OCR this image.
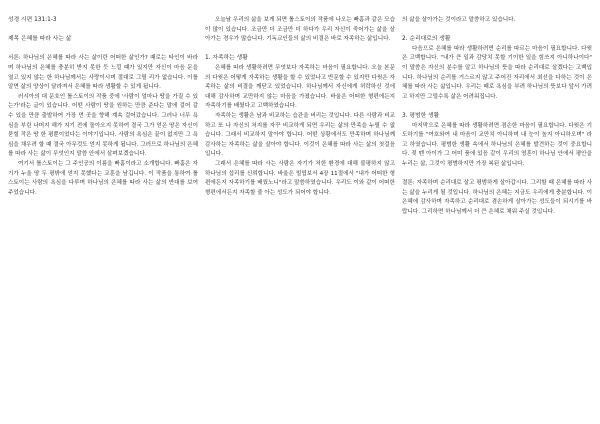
성경 시편 131:1-3

제목 은혜를 따라 사는 삶

서론: 하나님의 은혜를 따라 사는 삶이란 어떠한 삶인가? 때로는 타인이 바라며 하나님의 은혜를 충분히 받지 못한 듯 느낄 때가 있지만 자신이 마음 문을 열고 있지 않는 한 하나님께서는 사랑이시며 절대로 그릴 리가 없습니다. 이를 알면 삶의 양상이 달라져서 은혜를 따라 생활할 수 있게 됩니다.

러시아의 대 문호인 톨스토이의 작품 중에 '사람이 얼마나 땅을 가질 수 있는가'라는 글이 있습니다. 어떤 사람이 땅을 원하는 만큼 준다는 말에 걸어 갈 수 있을 만큼 출발하여 가장 먼 곳을 향해 계속 걸어갔습니다. 그러나 너무 욕심을 부린 나머지 해가 지기 전에 돌아오지 못하여 결국 그가 얻은 땅은 자신이 묻힐 작은 땅 한 평뿐이었다는 이야기입니다. 사람의 욕심은 끝이 없지만 그 욕심을 채우려 할 때 결국 아무것도 얻지 못하게 됩니다. 그러므로 하나님의 은혜를 따라 사는 삶이 무엇인지 말씀 안에서 살펴보겠습니다.

여기서 톨스토이는 그 주인공의 이름을 빠홈이라고 소개합니다. 빠홈은 자기가 누울 땅 두 평밖에 얻지 못했다는 교훈을 남깁니다. 이 작품을 통하여 톨스토이는 사람의 욕심을 다루며 하나님의 은혜를 따라 사는 삶의 반대를 보여주었습니다.

오늘날 우리의 삶을 보게 되면 톨스토이의 작품에 나오는 빠홈과 같은 모습이 많이 있습니다. 조금만 더 조금만 더 하다가 우리 자신이 죽어가는 삶을 살아가는 경우가 많습니다. 기독교인들의 삶의 비결은 바로 자족하는 삶입니다.

1. 자족하는 생활

은혜를 따라 생활하려면 무엇보다 자족하는 마음이 필요합니다. 오늘 본문의 다윗은 어떻게 자족하는 생활을 할 수 있었나고 반문할 수 있지만 다윗은 자족하는 삶의 비결을 깨닫고 있었습니다. 하나님께서 자신에게 허락하신 것에 대해 감사하며 교만하지 않는 마음을 가졌습니다. 바울은 어떠한 형편에든지 자족하기를 배웠다고 고백하였습니다.

자족하는 생활은 남과 비교하는 습관을 버리는 것입니다. 다른 사람과 비교하고 또 나 자신의 처지를 자꾸 비교하게 되면 우리는 삶의 만족을 누릴 수 없습니다. 그래서 비교하지 말아야 합니다. 어떤 상황에서도 만족하며 하나님께 감사하는 자족하는 삶을 살아야 합니다. 이것이 은혜를 따라 사는 삶의 첫걸음입니다.

그래서 은혜를 따라 사는 사람은 자기가 처한 환경에 대해 불평하지 않고 하나님의 섭리를 신뢰합니다. 바울은 빌립보서 4장 11절에서 "내가 어떠한 형편에든지 자족하기를 배웠노니"라고 말씀하였습니다. 우리도 이와 같이 어떠한 형편에서든지 자족할 줄 아는 성도가 되어야 합니다.

의 삶을 살아가는 것이라고 말씀하고 있습니다.

2. 순리대로의 생활

다음으로 은혜를 따라 생활하려면 순리를 따르는 마음이 필요합니다. 다윗은 고백합니다. "내가 큰 일과 감당치 못할 기이한 일을 힘쓰지 아니하나이다" 이 말씀은 자신의 분수를 알고 하나님의 뜻을 따라 순리대로 살겠다는 고백입니다. 하나님의 순리를 거스르지 않고 주어진 자리에서 최선을 다하는 것이 은혜를 따라 사는 삶입니다. 우리는 때로 욕심을 부려 하나님의 뜻보다 앞서 가려고 하지만 그럴수록 삶은 어려워집니다.

3. 평범한 생활

마지막으로 은혜를 따라 생활하려면 겸손한 마음이 필요합니다. 다윗은 기도하기를 "여호와여 내 마음이 교만치 아니하며 내 눈이 높지 아니하오며" 라고 하였습니다. 평범한 생활 속에서 하나님의 은혜를 발견하는 것이 중요합니다. 젖 뗀 아이가 그 어미 품에 있음 같이 우리의 영혼이 하나님 안에서 평안을 누리는 삶, 그것이 평범하지만 가장 복된 삶입니다.

결론: 자족하며 순리대로 살고 평범하게 살아갑시다. 그리할 때 은혜를 따라 사는 삶을 누리게 될 것입니다. 하나님의 은혜는 지금도 우리에게 충분합니다. 이 은혜에 감사하며 자족하고 순리대로 겸손하게 살아가는 성도들이 되시기를 바랍니다. 그리하면 하나님께서 더 큰 은혜로 채워 주실 것입니다.
